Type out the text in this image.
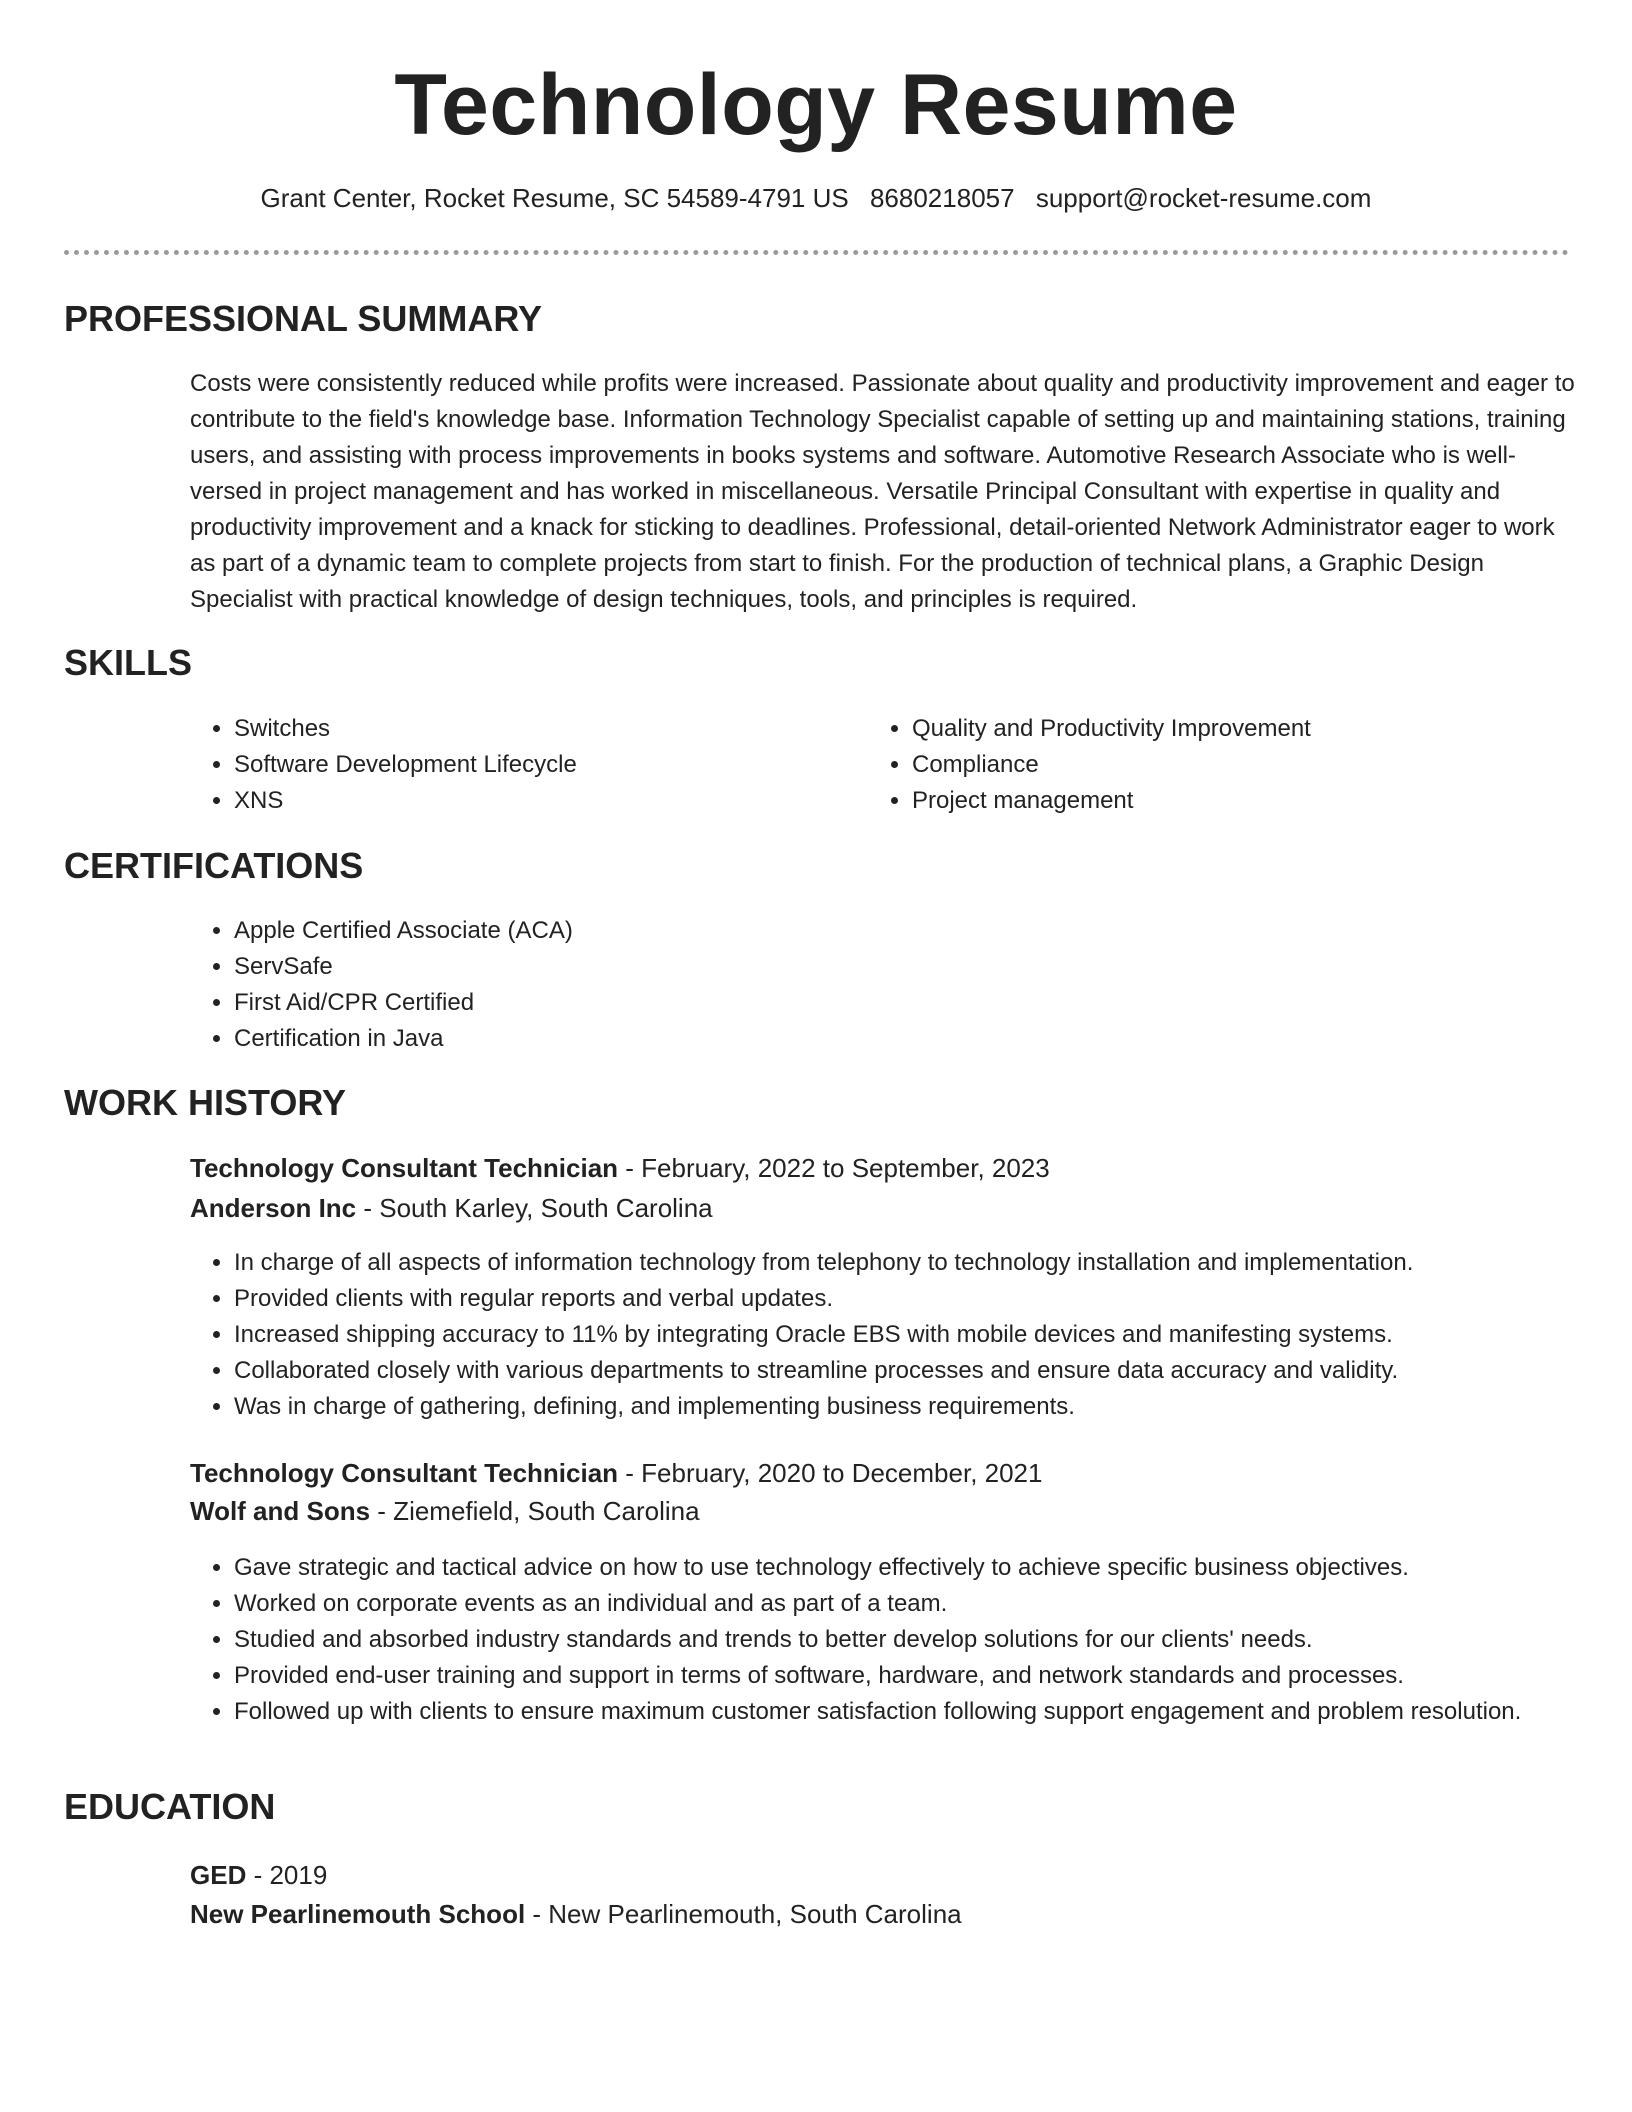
Technology Resume
Grant Center, Rocket Resume, SC 54589-4791 US 8680218057 support@rocket-resume.com
PROFESSIONAL SUMMARY

Costs were consistently reduced while profits were increased. Passionate about quality and productivity improvement and eager to contribute to the field's knowledge base. Information Technology Specialist capable of setting up and maintaining stations, training users, and assisting with process improvements in books systems and software. Automotive Research Associate who is well-versed in project management and has worked in miscellaneous. Versatile Principal Consultant with expertise in quality and productivity improvement and a knack for sticking to deadlines. Professional, detail-oriented Network Administrator eager to work as part of a dynamic team to complete projects from start to finish. For the production of technical plans, a Graphic Design Specialist with practical knowledge of design techniques, tools, and principles is required.

SKILLS
• Switches
• Software Development Lifecycle
• XNS
• Quality and Productivity Improvement
• Compliance
• Project management
CERTIFICATIONS
• Apple Certified Associate (ACA)
• ServSafe
• First Aid/CPR Certified
• Certification in Java
WORK HISTORY
Technology Consultant Technician - February, 2022 to September, 2023
Anderson Inc - South Karley, South Carolina
• In charge of all aspects of information technology from telephony to technology installation and implementation.
• Provided clients with regular reports and verbal updates.
• Increased shipping accuracy to 11% by integrating Oracle EBS with mobile devices and manifesting systems.
• Collaborated closely with various departments to streamline processes and ensure data accuracy and validity.
• Was in charge of gathering, defining, and implementing business requirements.
Technology Consultant Technician - February, 2020 to December, 2021
Wolf and Sons - Ziemefield, South Carolina
• Gave strategic and tactical advice on how to use technology effectively to achieve specific business objectives.
• Worked on corporate events as an individual and as part of a team.
• Studied and absorbed industry standards and trends to better develop solutions for our clients' needs.
• Provided end-user training and support in terms of software, hardware, and network standards and processes.
• Followed up with clients to ensure maximum customer satisfaction following support engagement and problem resolution.
EDUCATION
GED - 2019
New Pearlinemouth School - New Pearlinemouth, South Carolina
